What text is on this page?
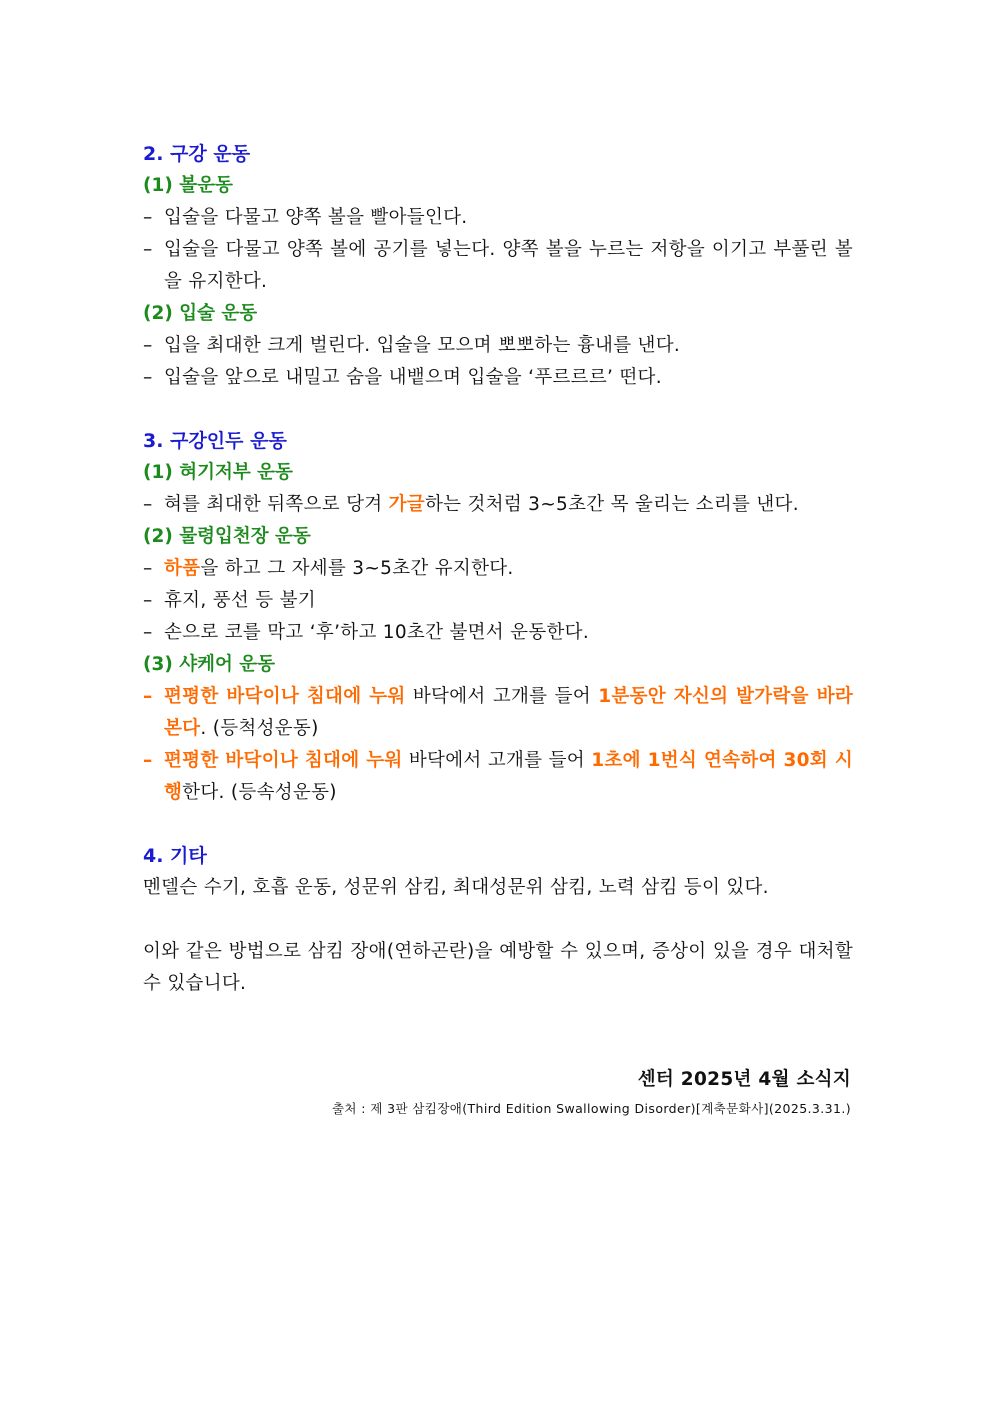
2. 구강 운동
(1) 볼운동
– 입술을 다물고 양쪽 볼을 빨아들인다.
– 입술을 다물고 양쪽 볼에 공기를 넣는다. 양쪽 볼을 누르는 저항을 이기고 부풀린 볼을 유지한다.
(2) 입술 운동
– 입을 최대한 크게 벌린다. 입술을 모으며 뽀뽀하는 흉내를 낸다.
– 입술을 앞으로 내밀고 숨을 내뱉으며 입술을 ‘푸르르르’ 떤다.
3. 구강인두 운동
(1) 혀기저부 운동
– 혀를 최대한 뒤쪽으로 당겨 가글하는 것처럼 3~5초간 목 울리는 소리를 낸다.
(2) 물령입천장 운동
– 하품을 하고 그 자세를 3~5초간 유지한다.
– 휴지, 풍선 등 불기
– 손으로 코를 막고 ‘후’하고 10초간 불면서 운동한다.
(3) 샤케어 운동
– 편평한 바닥이나 침대에 누워 바닥에서 고개를 들어 1분동안 자신의 발가락을 바라본다. (등척성운동)
– 편평한 바닥이나 침대에 누워 바닥에서 고개를 들어 1초에 1번식 연속하여 30회 시행한다. (등속성운동)
4. 기타
멘델슨 수기, 호흡 운동, 성문위 삼킴, 최대성문위 삼킴, 노력 삼킴 등이 있다.
이와 같은 방법으로 삼킴 장애(연하곤란)을 예방할 수 있으며, 증상이 있을 경우 대처할 수 있습니다.
센터 2025년 4월 소식지
출처 : 제 3판 삼킴장애(Third Edition Swallowing Disorder)[계축문화사](2025.3.31.)
